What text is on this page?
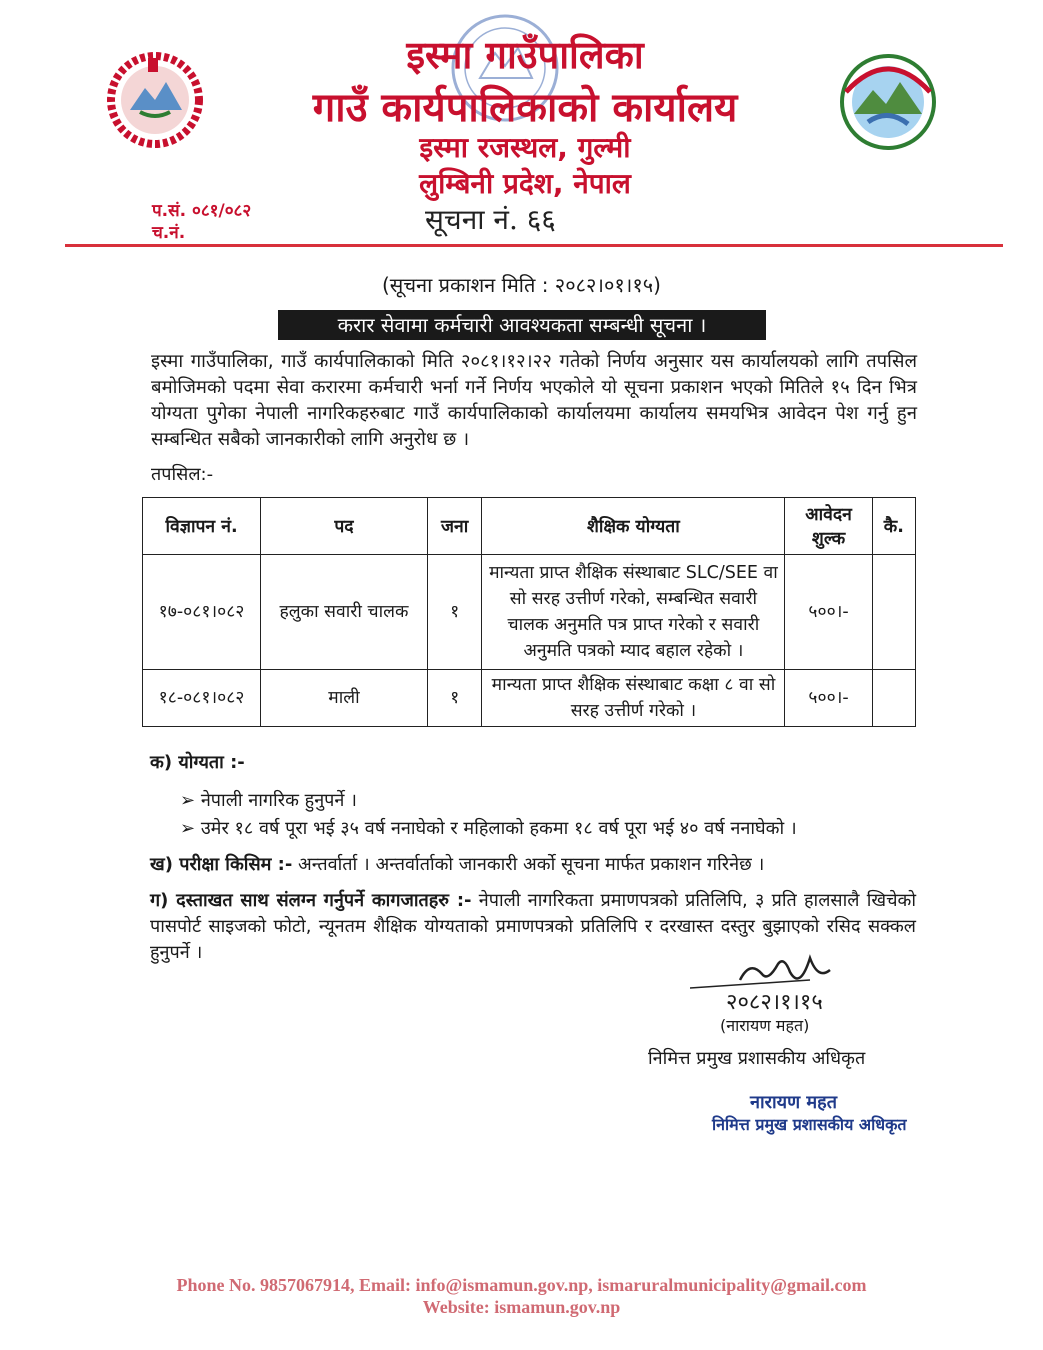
इस्मा गाउँपालिका
गाउँ कार्यपालिकाको कार्यालय
इस्मा रजस्थल, गुल्मी
लुम्बिनी प्रदेश, नेपाल
प.सं. ०८१/०८२
च.नं.	सूचना नं. ६६
(सूचना प्रकाशन मिति : २०८२।०१।१५)
करार सेवामा कर्मचारी आवश्यकता सम्बन्धी सूचना ।
इस्मा गाउँपालिका, गाउँ कार्यपालिकाको मिति २०८१।१२।२२ गतेको निर्णय अनुसार यस कार्यालयको लागि तपसिल बमोजिमको पदमा सेवा करारमा कर्मचारी भर्ना गर्ने निर्णय भएकोले यो सूचना प्रकाशन भएको मितिले १५ दिन भित्र योग्यता पुगेका नेपाली नागरिकहरुबाट गाउँ कार्यपालिकाको कार्यालयमा कार्यालय समयभित्र आवेदन पेश गर्नु हुन सम्बन्धित सबैको जानकारीको लागि अनुरोध छ ।
तपसिल:-
विज्ञापन नं.	पद	जना	शैक्षिक योग्यता	आवेदन शुल्क	कै.
१७-०८१।०८२	हलुका सवारी चालक	१	मान्यता प्राप्त शैक्षिक संस्थाबाट SLC/SEE वा सो सरह उत्तीर्ण गरेको, सम्बन्धित सवारी चालक अनुमति पत्र प्राप्त गरेको र सवारी अनुमति पत्रको म्याद बहाल रहेको ।	५००।-	
१८-०८१।०८२	माली	१	मान्यता प्राप्त शैक्षिक संस्थाबाट कक्षा ८ वा सो सरह उत्तीर्ण गरेको ।	५००।-	
क) योग्यता :-
➢ नेपाली नागरिक हुनुपर्ने ।
➢ उमेर १८ वर्ष पूरा भई ३५ वर्ष ननाघेको र महिलाको हकमा १८ वर्ष पूरा भई ४० वर्ष ननाघेको ।
ख) परीक्षा किसिम :- अन्तर्वार्ता । अन्तर्वार्ताको जानकारी अर्को सूचना मार्फत प्रकाशन गरिनेछ ।
ग) दस्ताखत साथ संलग्न गर्नुपर्ने कागजातहरु :- नेपाली नागरिकता प्रमाणपत्रको प्रतिलिपि, ३ प्रति हालसालै खिचेको पासपोर्ट साइजको फोटो, न्यूनतम शैक्षिक योग्यताको प्रमाणपत्रको प्रतिलिपि र दरखास्त दस्तुर बुझाएको रसिद सक्कल हुनुपर्ने ।
२०८२।१।१५
(नारायण महत)
निमित्त प्रमुख प्रशासकीय अधिकृत
नारायण महत
निमित्त प्रमुख प्रशासकीय अधिकृत
Phone No. 9857067914, Email: info@ismamun.gov.np, ismaruralmunicipality@gmail.com
Website: ismamun.gov.np
